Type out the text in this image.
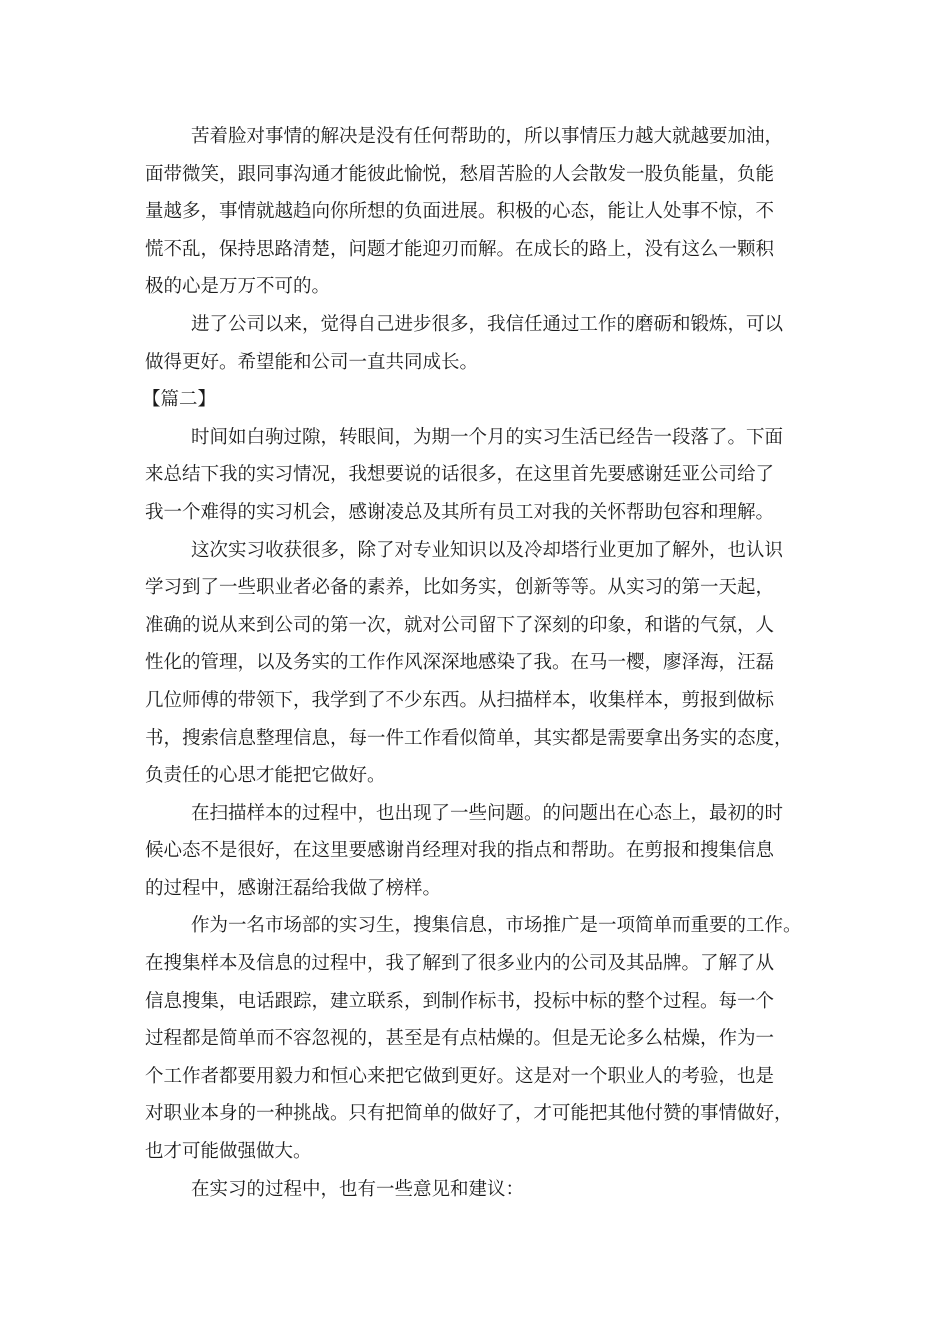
苦着脸对事情的解决是没有任何帮助的，所以事情压力越大就越要加油，
面带微笑，跟同事沟通才能彼此愉悦，愁眉苦脸的人会散发一股负能量，负能
量越多，事情就越趋向你所想的负面进展。积极的心态，能让人处事不惊，不
慌不乱，保持思路清楚，问题才能迎刃而解。在成长的路上，没有这么一颗积
极的心是万万不可的。
进了公司以来，觉得自己进步很多，我信任通过工作的磨砺和锻炼，可以
做得更好。希望能和公司一直共同成长。
【篇二】
时间如白驹过隙，转眼间，为期一个月的实习生活已经告一段落了。下面
来总结下我的实习情况，我想要说的话很多，在这里首先要感谢廷亚公司给了
我一个难得的实习机会，感谢凌总及其所有员工对我的关怀帮助包容和理解。
这次实习收获很多，除了对专业知识以及冷却塔行业更加了解外，也认识
学习到了一些职业者必备的素养，比如务实，创新等等。从实习的第一天起，
准确的说从来到公司的第一次，就对公司留下了深刻的印象，和谐的气氛，人
性化的管理，以及务实的工作作风深深地感染了我。在马一樱，廖泽海，汪磊
几位师傅的带领下，我学到了不少东西。从扫描样本，收集样本，剪报到做标
书，搜索信息整理信息，每一件工作看似简单，其实都是需要拿出务实的态度，
负责任的心思才能把它做好。
在扫描样本的过程中，也出现了一些问题。的问题出在心态上，最初的时
候心态不是很好，在这里要感谢肖经理对我的指点和帮助。在剪报和搜集信息
的过程中，感谢汪磊给我做了榜样。
作为一名市场部的实习生，搜集信息，市场推广是一项简单而重要的工作。
在搜集样本及信息的过程中，我了解到了很多业内的公司及其品牌。了解了从
信息搜集，电话跟踪，建立联系，到制作标书，投标中标的整个过程。每一个
过程都是简单而不容忽视的，甚至是有点枯燥的。但是无论多么枯燥，作为一
个工作者都要用毅力和恒心来把它做到更好。这是对一个职业人的考验，也是
对职业本身的一种挑战。只有把简单的做好了，才可能把其他付赞的事情做好，
也才可能做强做大。
在实习的过程中，也有一些意见和建议：
